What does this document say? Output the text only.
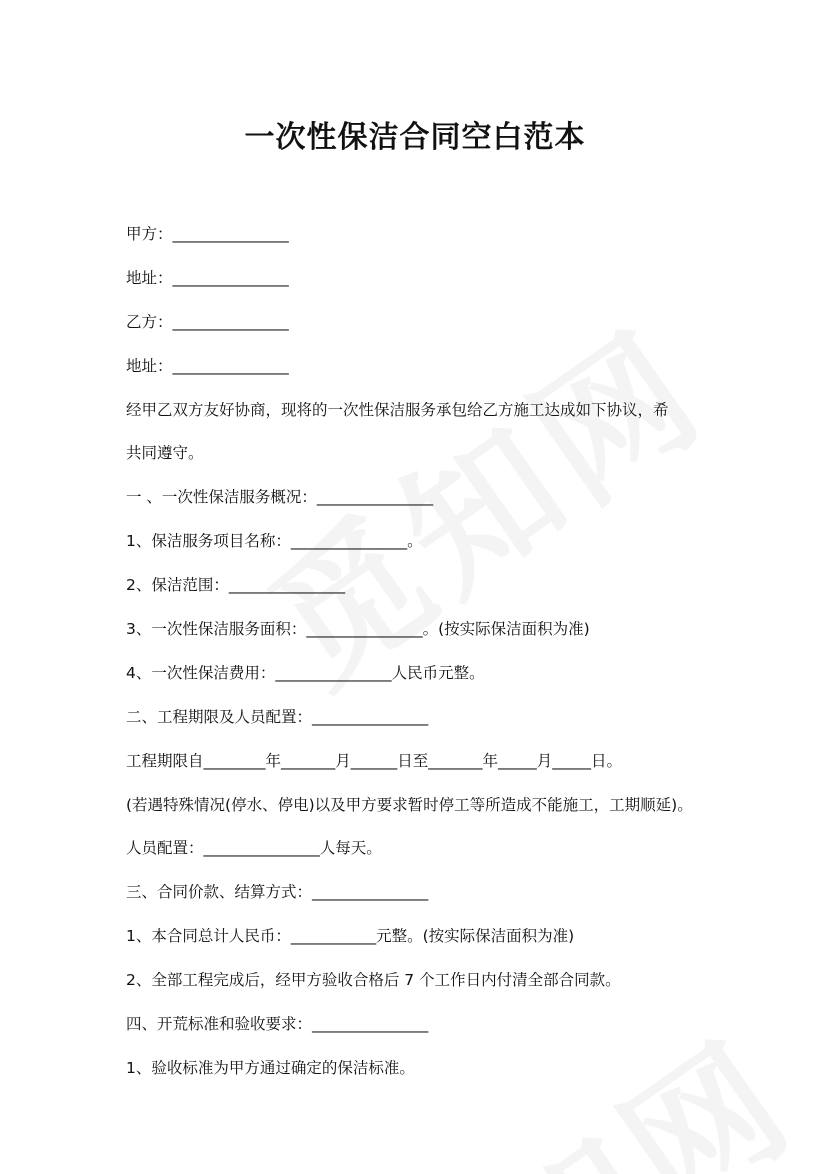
一次性保洁合同空白范本
甲方：_______________
地址：_______________
乙方：_______________
地址：_______________
经甲乙双方友好协商，现将的一次性保洁服务承包给乙方施工达成如下协议，希
共同遵守。
一 、一次性保洁服务概况：_______________
1、保洁服务项目名称：_______________。
2、保洁范围：_______________
3、一次性保洁服务面积：_______________。(按实际保洁面积为准)
4、一次性保洁费用：_______________人民币元整。
二、工程期限及人员配置：_______________
工程期限自________年_______月______日至_______年_____月_____日。
(若遇特殊情况(停水、停电)以及甲方要求暂时停工等所造成不能施工，工期顺延)。
人员配置：_______________人每天。
三、合同价款、结算方式：_______________
1、本合同总计人民币：___________元整。(按实际保洁面积为准)
2、全部工程完成后，经甲方验收合格后 7 个工作日内付清全部合同款。
四、开荒标准和验收要求：_______________
1、验收标准为甲方通过确定的保洁标准。
